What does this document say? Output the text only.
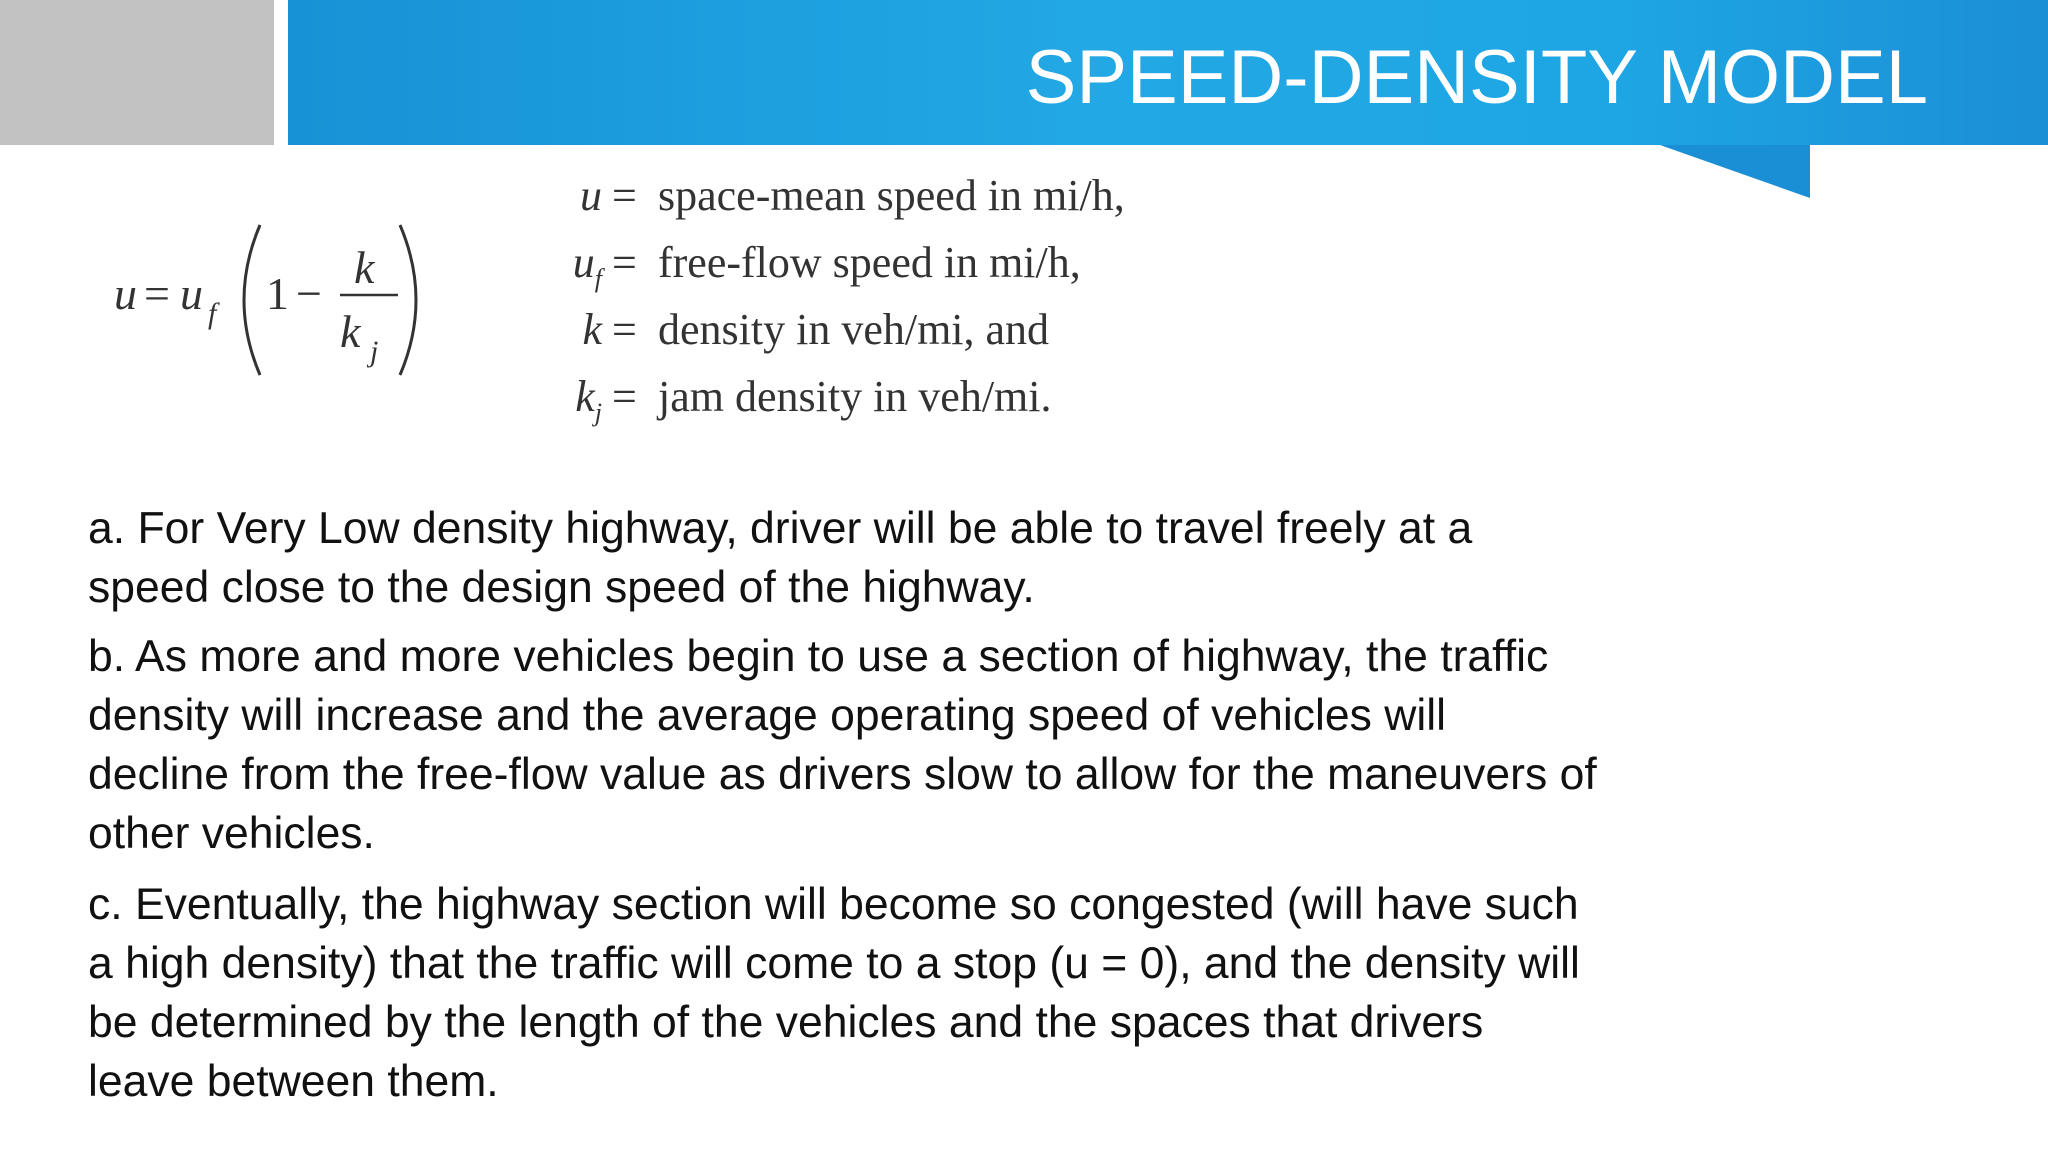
SPEED-DENSITY MODEL
u = u f 1 −
k
k j
u = space-mean speed in mi/h,
$u_f$ = free-flow speed in mi/h,
k = density in veh/mi, and
$k_j$ = jam density in veh/mi.
a. For Very Low density highway, driver will be able to travel freely at a
speed close to the design speed of the highway.
b. As more and more vehicles begin to use a section of highway, the traffic
density will increase and the average operating speed of vehicles will
decline from the free-flow value as drivers slow to allow for the maneuvers of
other vehicles.
c. Eventually, the highway section will become so congested (will have such
a high density) that the traffic will come to a stop (u = 0), and the density will
be determined by the length of the vehicles and the spaces that drivers
leave between them.
